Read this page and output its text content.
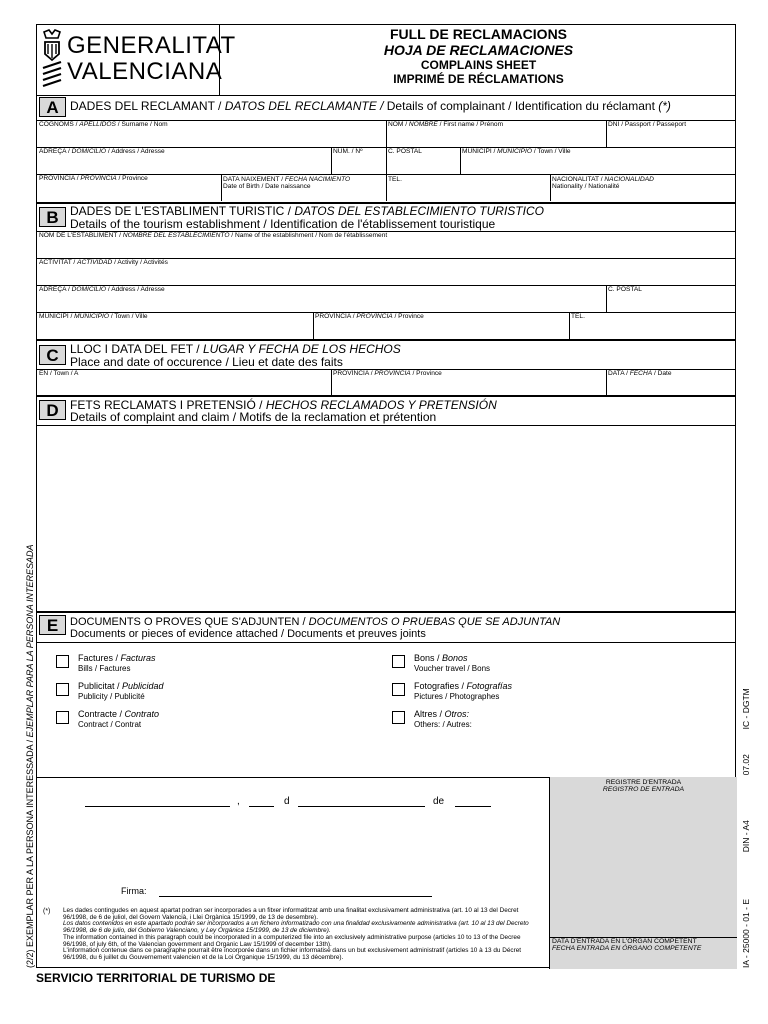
(2/2) EXEMPLAR PER A LA PERSONA INTERESSADA / EJEMPLAR PARA LA PERSONA INTERESADA
IA - 25000 - 01 - E  DIN - A4  07.02  IC - DGTM
GENERALITAT
VALENCIANA
FULL DE RECLAMACIONS
HOJA DE RECLAMACIONES
COMPLAINS SHEET
IMPRIMÉ DE RÉCLAMATIONS
A DADES DEL RECLAMANT / DATOS DEL RECLAMANTE / Details of complainant / Identification du réclamant (*)
COGNOMS / APELLIDOS / Surname / Nom	NOM / NOMBRE / First name / Prénom	DNI / Passport / Passeport
ADREÇA / DOMICILIO / Address / Adresse	NÚM. / Nº	C. POSTAL	MUNICIPI / MUNICIPIO / Town / Ville
PROVÍNCIA / PROVINCIA / Province	DATA NAIXEMENT / FECHA NACIMIENTO
Date of Birth / Date naissance
TEL.	NACIONALITAT / NACIONALIDAD
Nationality / Nationalité
B DADES DE L'ESTABLIMENT TURISTIC / DATOS DEL ESTABLECIMIENTO TURISTICO
Details of the tourism establishment / Identification de l'établissement touristique
NOM DE L'ESTABLIMENT / NOMBRE DEL ESTABLECIMIENTO / Name of the establishment / Nom de l'établissement
ACTIVITAT / ACTIVIDAD / Activity / Activités
ADREÇA / DOMICILIO / Address / Adresse	C. POSTAL
MUNICIPI / MUNICIPIO / Town / Ville	PROVÍNCIA / PROVINCIA / Province	TEL.
C LLOC I DATA DEL FET / LUGAR Y FECHA DE LOS HECHOS
Place and date of occurence / Lieu et date des faits
EN / Town / A	PROVÍNCIA / PROVINCIA / Province	DATA / FECHA / Date
D FETS RECLAMATS I PRETENSIÓ / HECHOS RECLAMADOS Y PRETENSIÓN
Details of complaint and claim / Motifs de la reclamation et prétention
E	DOCUMENTS O PROVES QUE S'ADJUNTEN / DOCUMENTOS O PRUEBAS QUE SE ADJUNTAN
Documents or pieces of evidence attached / Documents et preuves joints
Factures / Facturas
Bills / Factures
Publicitat / Publicidad
Publicity / Publicité
Contracte / Contrato
Contract / Contrat
Bons / Bonos
Voucher travel / Bons
Fotografies / Fotografías
Pictures / Photographes
Altres / Otros:
Others: / Autres:
,	d	de
Firma:
(*) Les dades contingudes en aquest apartat podran ser incorporades a un fitxer informatitzat amb una finalitat exclusivament administrativa (art. 10 al 13 del Decret 96/1998, de 6 de juliol, del Govern Valencià, i Llei Orgànica 15/1999, de 13 de desembre).
Los datos contenidos en este apartado podrán ser incorporados a un fichero informatizado con una finalidad exclusivamente administrativa (art. 10 al 13 del Decreto 96/1998, de 6 de julio, del Gobierno Valenciano, y Ley Orgánica 15/1999, de 13 de diciembre).
The information contained in this paragraph could be incorporated in a computerized file into an exclusively administrative purpose (articles 10 to 13 of the Decree 96/1998, of july 6th, of the Valencian government and Organic Law 15/1999 of december 13th).
L'information contenue dans ce paragraphe pourrait être incorporée dans un fichier informatisé dans un but exclusivement administratif (articles 10 à 13 du Décret 96/1998, du 6 juillet du Gouvernement valencien et de la Loi Organique 15/1999, du 13 décembre).
REGISTRE D'ENTRADA
REGISTRO DE ENTRADA
DATA D'ENTRADA EN L'ÒRGAN COMPETENT
FECHA ENTRADA EN ÓRGANO COMPETENTE
SERVICIO TERRITORIAL DE TURISMO DE
